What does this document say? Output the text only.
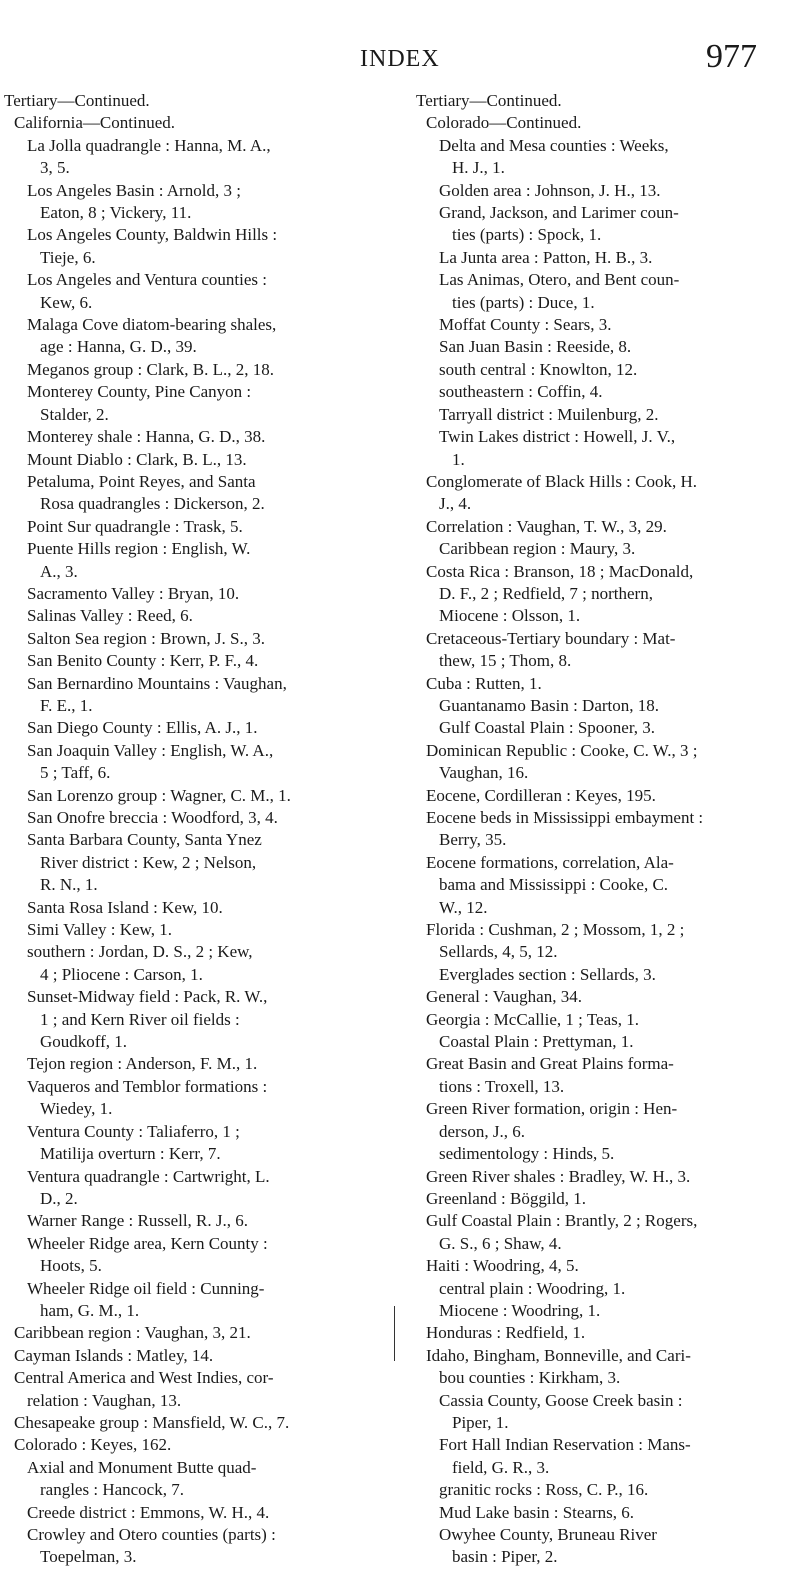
INDEX	977
Tertiary—Continued.
California—Continued.
La Jolla quadrangle : Hanna, M. A.,
3, 5.
Los Angeles Basin : Arnold, 3 ;
Eaton, 8 ; Vickery, 11.
Los Angeles County, Baldwin Hills :
Tieje, 6.
Los Angeles and Ventura counties :
Kew, 6.
Malaga Cove diatom-bearing shales,
age : Hanna, G. D., 39.
Meganos group : Clark, B. L., 2, 18.
Monterey County, Pine Canyon :
Stalder, 2.
Monterey shale : Hanna, G. D., 38.
Mount Diablo : Clark, B. L., 13.
Petaluma, Point Reyes, and Santa
Rosa quadrangles : Dickerson, 2.
Point Sur quadrangle : Trask, 5.
Puente Hills region : English, W.
A., 3.
Sacramento Valley : Bryan, 10.
Salinas Valley : Reed, 6.
Salton Sea region : Brown, J. S., 3.
San Benito County : Kerr, P. F., 4.
San Bernardino Mountains : Vaughan,
F. E., 1.
San Diego County : Ellis, A. J., 1.
San Joaquin Valley : English, W. A.,
5 ; Taff, 6.
San Lorenzo group : Wagner, C. M., 1.
San Onofre breccia : Woodford, 3, 4.
Santa Barbara County, Santa Ynez
River district : Kew, 2 ; Nelson,
R. N., 1.
Santa Rosa Island : Kew, 10.
Simi Valley : Kew, 1.
southern : Jordan, D. S., 2 ; Kew,
4 ; Pliocene : Carson, 1.
Sunset-Midway field : Pack, R. W.,
1 ; and Kern River oil fields :
Goudkoff, 1.
Tejon region : Anderson, F. M., 1.
Vaqueros and Temblor formations :
Wiedey, 1.
Ventura County : Taliaferro, 1 ;
Matilija overturn : Kerr, 7.
Ventura quadrangle : Cartwright, L.
D., 2.
Warner Range : Russell, R. J., 6.
Wheeler Ridge area, Kern County :
Hoots, 5.
Wheeler Ridge oil field : Cunning-
ham, G. M., 1.
Caribbean region : Vaughan, 3, 21.
Cayman Islands : Matley, 14.
Central America and West Indies, cor-
relation : Vaughan, 13.
Chesapeake group : Mansfield, W. C., 7.
Colorado : Keyes, 162.
Axial and Monument Butte quad-
rangles : Hancock, 7.
Creede district : Emmons, W. H., 4.
Crowley and Otero counties (parts) :
Toepelman, 3.
Tertiary—Continued.
Colorado—Continued.
Delta and Mesa counties : Weeks,
H. J., 1.
Golden area : Johnson, J. H., 13.
Grand, Jackson, and Larimer coun-
ties (parts) : Spock, 1.
La Junta area : Patton, H. B., 3.
Las Animas, Otero, and Bent coun-
ties (parts) : Duce, 1.
Moffat County : Sears, 3.
San Juan Basin : Reeside, 8.
south central : Knowlton, 12.
southeastern : Coffin, 4.
Tarryall district : Muilenburg, 2.
Twin Lakes district : Howell, J. V.,
1.
Conglomerate of Black Hills : Cook, H.
J., 4.
Correlation : Vaughan, T. W., 3, 29.
Caribbean region : Maury, 3.
Costa Rica : Branson, 18 ; MacDonald,
D. F., 2 ; Redfield, 7 ; northern,
Miocene : Olsson, 1.
Cretaceous-Tertiary boundary : Mat-
thew, 15 ; Thom, 8.
Cuba : Rutten, 1.
Guantanamo Basin : Darton, 18.
Gulf Coastal Plain : Spooner, 3.
Dominican Republic : Cooke, C. W., 3 ;
Vaughan, 16.
Eocene, Cordilleran : Keyes, 195.
Eocene beds in Mississippi embayment :
Berry, 35.
Eocene formations, correlation, Ala-
bama and Mississippi : Cooke, C.
W., 12.
Florida : Cushman, 2 ; Mossom, 1, 2 ;
Sellards, 4, 5, 12.
Everglades section : Sellards, 3.
General : Vaughan, 34.
Georgia : McCallie, 1 ; Teas, 1.
Coastal Plain : Prettyman, 1.
Great Basin and Great Plains forma-
tions : Troxell, 13.
Green River formation, origin : Hen-
derson, J., 6.
sedimentology : Hinds, 5.
Green River shales : Bradley, W. H., 3.
Greenland : Böggild, 1.
Gulf Coastal Plain : Brantly, 2 ; Rogers,
G. S., 6 ; Shaw, 4.
Haiti : Woodring, 4, 5.
central plain : Woodring, 1.
Miocene : Woodring, 1.
Honduras : Redfield, 1.
Idaho, Bingham, Bonneville, and Cari-
bou counties : Kirkham, 3.
Cassia County, Goose Creek basin :
Piper, 1.
Fort Hall Indian Reservation : Mans-
field, G. R., 3.
granitic rocks : Ross, C. P., 16.
Mud Lake basin : Stearns, 6.
Owyhee County, Bruneau River
basin : Piper, 2.
